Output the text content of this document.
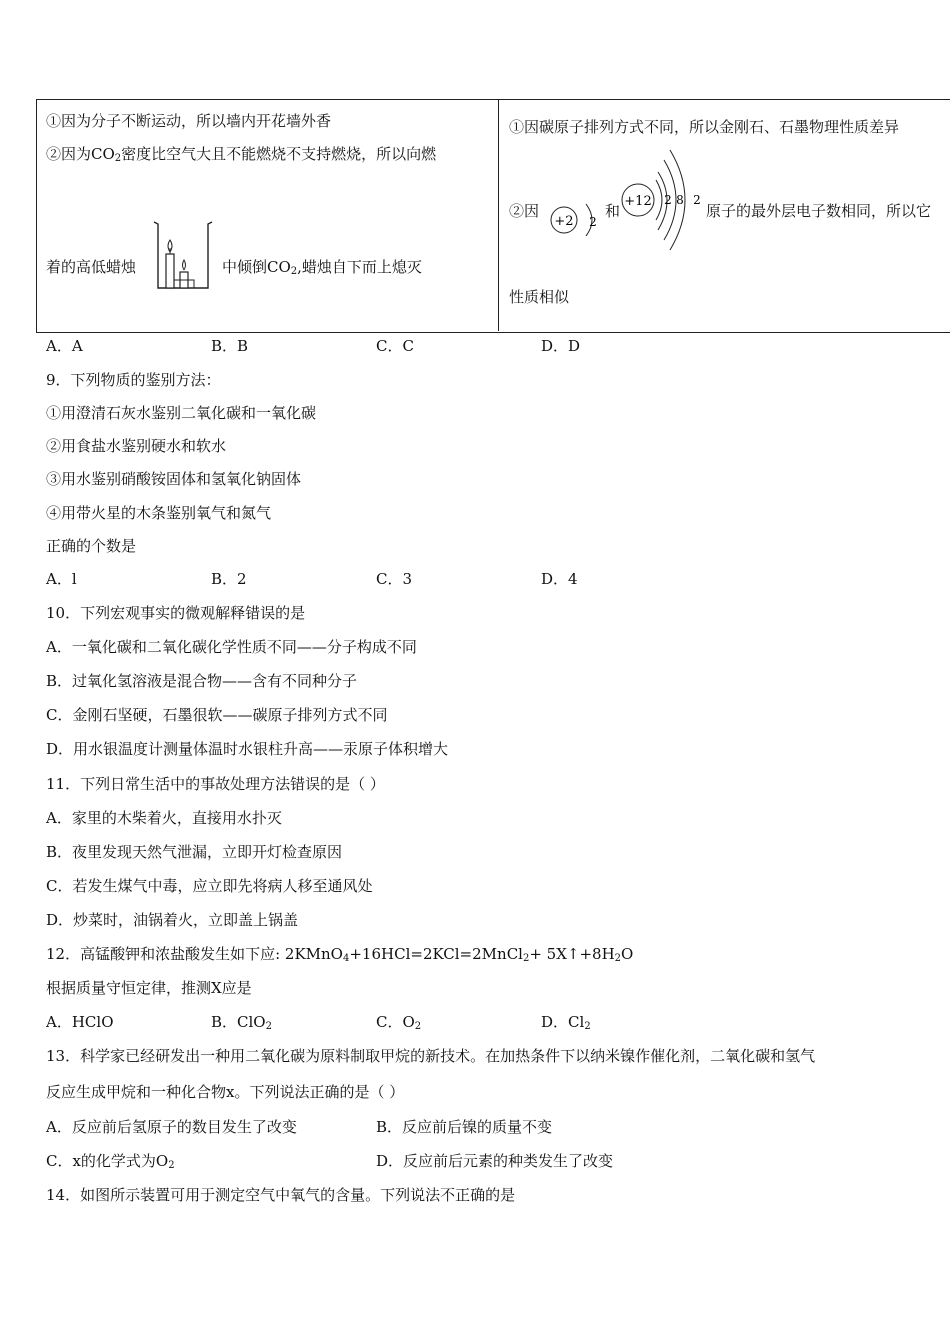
①因为分子不断运动，所以墙内开花墙外香
②因为$CO_2$密度比空气大且不能燃烧不支持燃烧，所以向燃
着的高低蜡烛	中倾倒$CO_2$,蜡烛自下而上熄灭
①因碳原子排列方式不同，所以金刚石、石墨物理性质差异
②因
+2 2
和
+12 2 8 2
原子的最外层电子数相同，所以它
性质相似
A．A	B．B	C．C	D．D
9．下列物质的鉴别方法：
①用澄清石灰水鉴别二氧化碳和一氧化碳
②用食盐水鉴别硬水和软水
③用水鉴别硝酸铵固体和氢氧化钠固体
④用带火星的木条鉴别氧气和氮气
正确的个数是
A．l	B．2	C．3	D．4
10．下列宏观事实的微观解释错误的是
A．一氧化碳和二氧化碳化学性质不同——分子构成不同
B．过氧化氢溶液是混合物——含有不同种分子
C．金刚石坚硬，石墨很软——碳原子排列方式不同
D．用水银温度计测量体温时水银柱升高——汞原子体积增大
11．下列日常生活中的事故处理方法错误的是（ ）
A．家里的木柴着火，直接用水扑灭
B．夜里发现天然气泄漏，立即开灯检查原因
C．若发生煤气中毒，应立即先将病人移至通风处
D．炒菜时，油锅着火，立即盖上锅盖
12．高锰酸钾和浓盐酸发生如下应: 2KMnO$_4$+16HCl=2KCl=2MnCl$_2$+ $5X↑+8H_2O$
根据质量守恒定律，推测X应是
A．HClO	B．ClO$_2$	C．$O_2$	D．$Cl_2$
13．科学家已经研发出一种用二氧化碳为原料制取甲烷的新技术。在加热条件下以纳米镍作催化剂，二氧化碳和氢气
反应生成甲烷和一种化合物x。下列说法正确的是（ ）
A．反应前后氢原子的数目发生了改变	B．反应前后镍的质量不变
C．x的化学式为$O_2$	D．反应前后元素的种类发生了改变
14．如图所示装置可用于测定空气中氧气的含量。下列说法不正确的是
